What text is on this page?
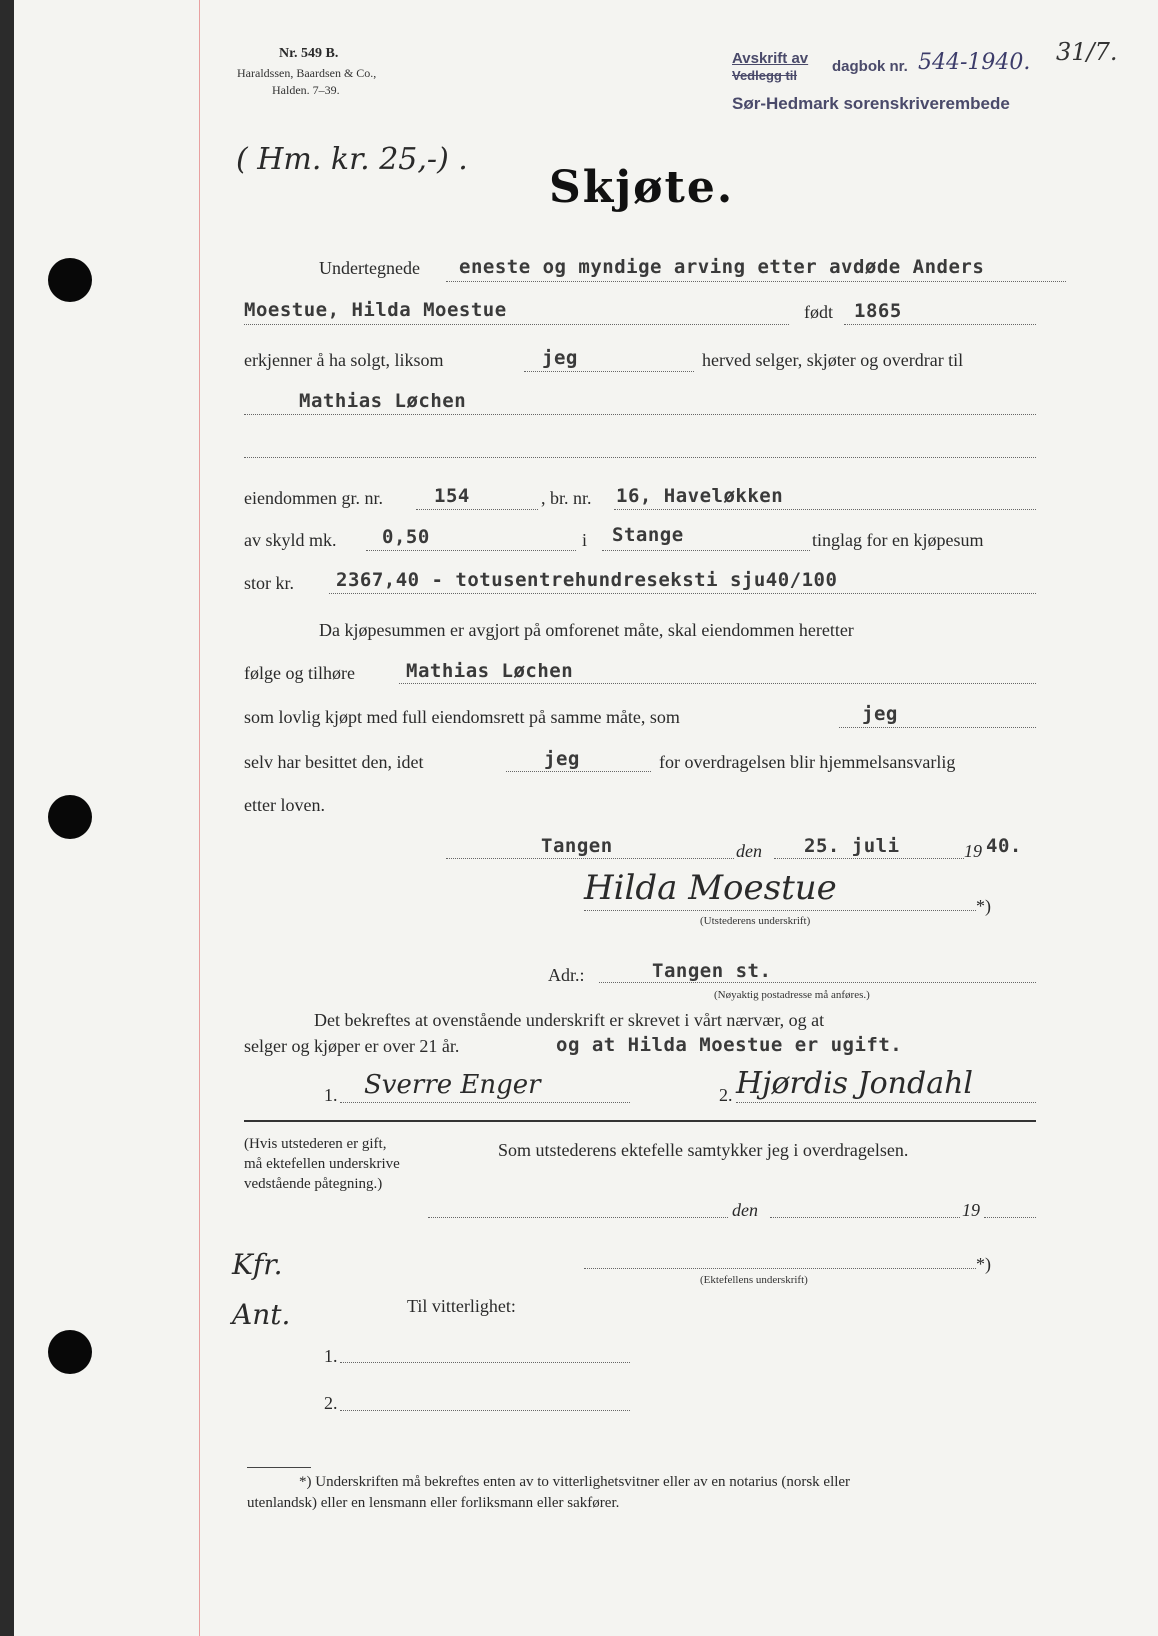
Nr. 549 B.
Haraldssen, Baardsen & Co.,
Halden. 7–39.
Avskrift av
Vedlegg til
dagbok nr. 544-1940. 31/7.
Sør-Hedmark sorenskriverembede
( Hm. kr. 25,-) .
Skjøte.
Undertegnede eneste og myndige arving etter avdøde Anders
Moestue, Hilda Moestue	født 1865
erkjenner å ha solgt, liksom	jeg	herved selger, skjøter og overdrar til
Mathias Løchen
eiendommen gr. nr.	154	, br. nr. 16, Haveløkken
av skyld mk. 0,50	i Stange	tinglag for en kjøpesum
stor kr. 2367,40 - totusentrehundreseksti sju40/100
Da kjøpesummen er avgjort på omforenet måte, skal eiendommen heretter
følge og tilhøre	Mathias Løchen
som lovlig kjøpt med full eiendomsrett på samme måte, som	jeg
selv har besittet den, idet	jeg	for overdragelsen blir hjemmelsansvarlig
etter loven.
Tangen	den 25. juli	19 40.
Hilda Moestue	*)
(Utstederens underskrift)
Adr.:	Tangen st.
(Nøyaktig postadresse må anføres.)
Det bekreftes at ovenstående underskrift er skrevet i vårt nærvær, og at
selger og kjøper er over 21 år.	og at Hilda Moestue er ugift.
1. Sverre Enger	2. Hjørdis Jondahl
(Hvis utstederen er gift,
må ektefellen underskrive
vedstående påtegning.)
Som utstederens ektefelle samtykker jeg i overdragelsen.
den	19
*)
(Ektefellens underskrift)
Kfr.
Ant.	Til vitterlighet:
1.
2.
*) Underskriften må bekreftes enten av to vitterlighetsvitner eller av en notarius (norsk eller
utenlandsk) eller en lensmann eller forliksmann eller sakfører.
